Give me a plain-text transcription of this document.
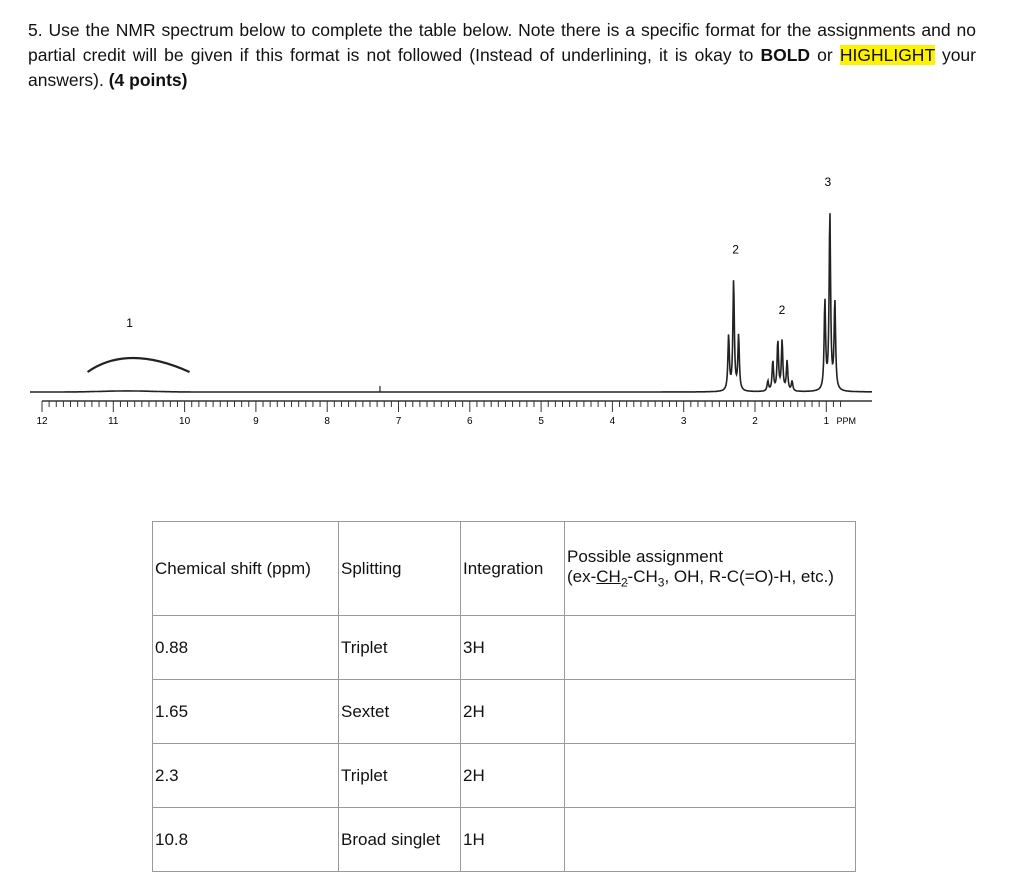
5. Use the NMR spectrum below to complete the table below. Note there is a specific format for the assignments and no partial credit will be given if this format is not followed (Instead of underlining, it is okay to BOLD or HIGHLIGHT your answers). (4 points)
1
2
2
3
12	11	10	9	8	7	6	5	4	3	2	1 PPM
Chemical shift (ppm)	Splitting	Integration	Possible assignment
($ex-CH_2-CH_3$, OH, R-C(=O)-H, etc.)

0.88	Triplet	3H	
1.65	Sextet	2H	
2.3	Triplet	2H	
10.8	Broad singlet	1H	
